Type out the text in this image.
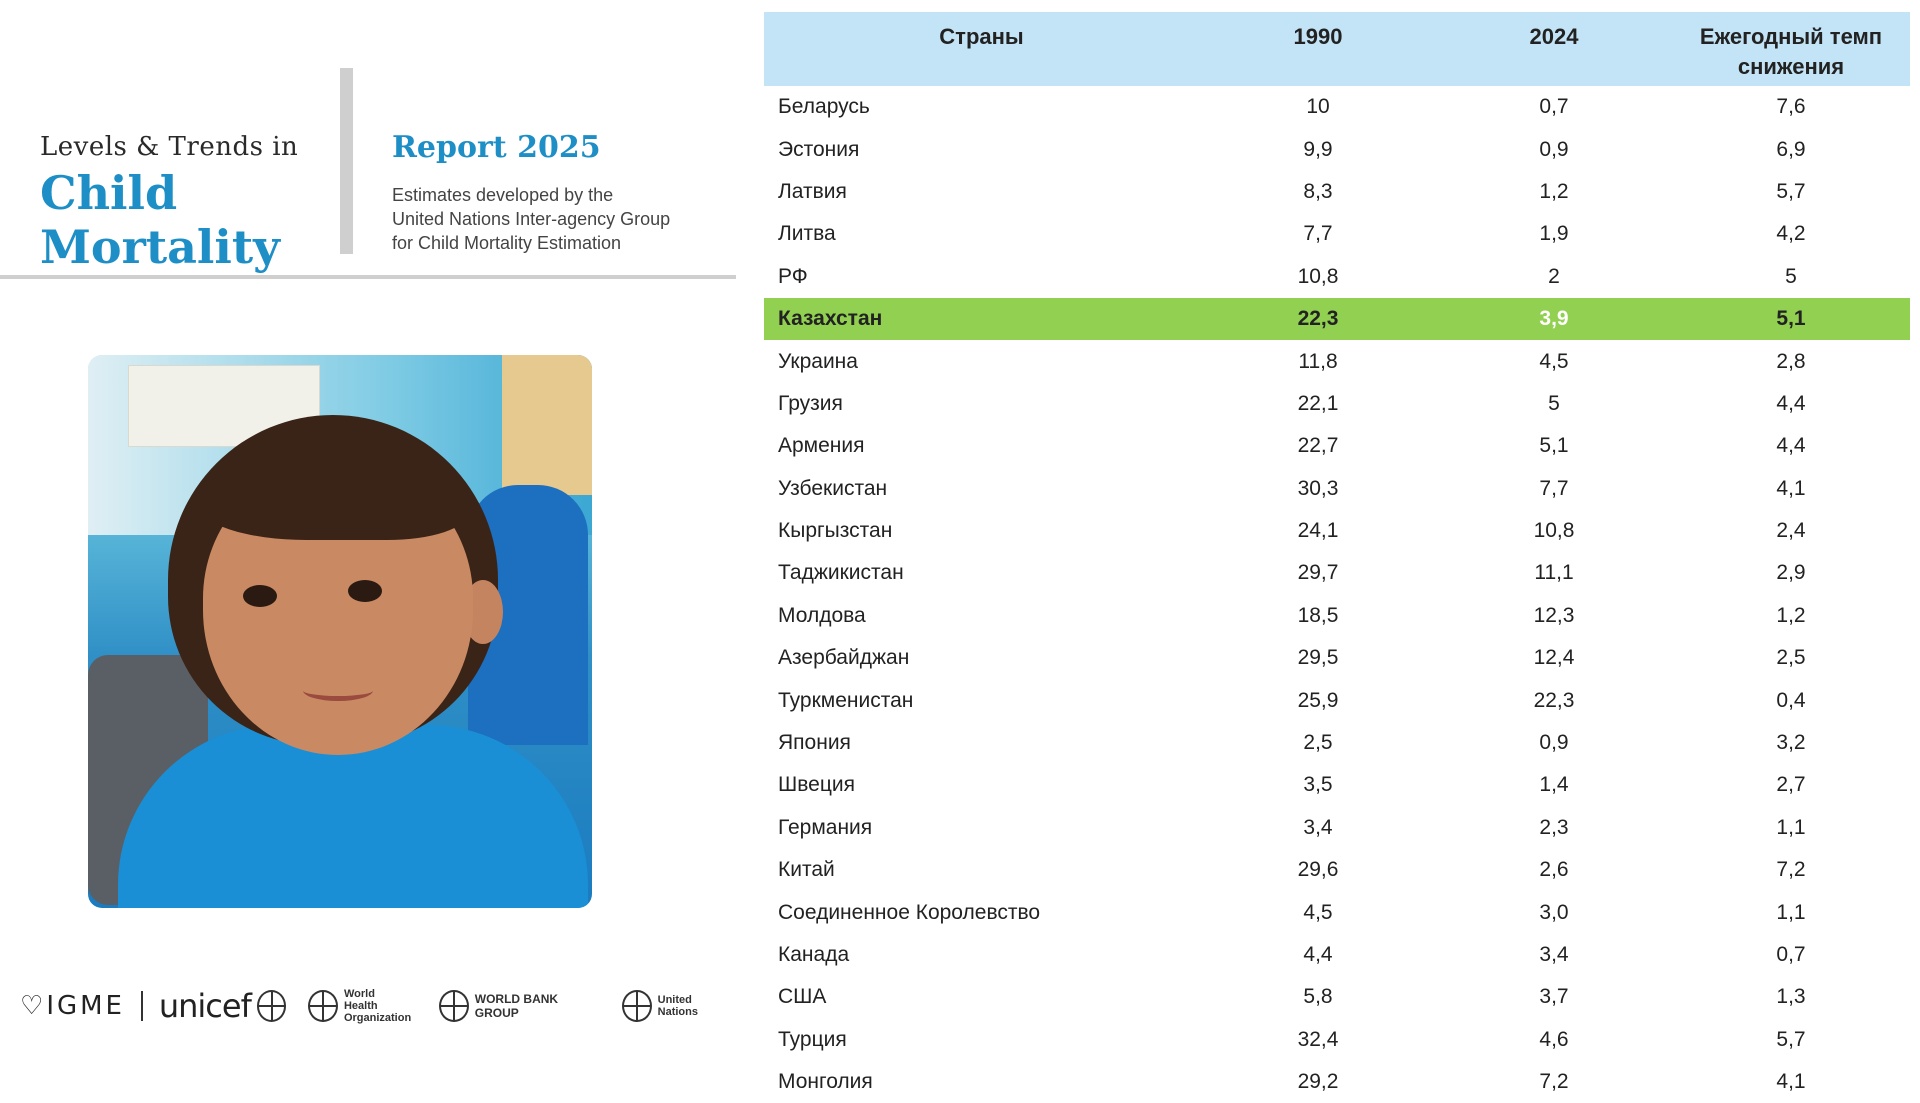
Levels & Trends in
Child
Mortality
Report 2025
Estimates developed by the
United Nations Inter-agency Group
for Child Mortality Estimation
♡IGME unicef	World Health
Organization
WORLD BANK GROUP
United
Nations
Страны	1990	2024	Ежегодный темп снижения
Беларусь	10	0,7	7,6
Эстония	9,9	0,9	6,9
Латвия	8,3	1,2	5,7
Литва	7,7	1,9	4,2
РФ	10,8	2	5
Казахстан	22,3	3,9	5,1
Украина	11,8	4,5	2,8
Грузия	22,1	5	4,4
Армения	22,7	5,1	4,4
Узбекистан	30,3	7,7	4,1
Кыргызстан	24,1	10,8	2,4
Таджикистан	29,7	11,1	2,9
Молдова	18,5	12,3	1,2
Азербайджан	29,5	12,4	2,5
Туркменистан	25,9	22,3	0,4
Япония	2,5	0,9	3,2
Швеция	3,5	1,4	2,7
Германия	3,4	2,3	1,1
Китай	29,6	2,6	7,2
Соединенное Королевство	4,5	3,0	1,1
Канада	4,4	3,4	0,7
США	5,8	3,7	1,3
Турция	32,4	4,6	5,7
Монголия	29,2	7,2	4,1
